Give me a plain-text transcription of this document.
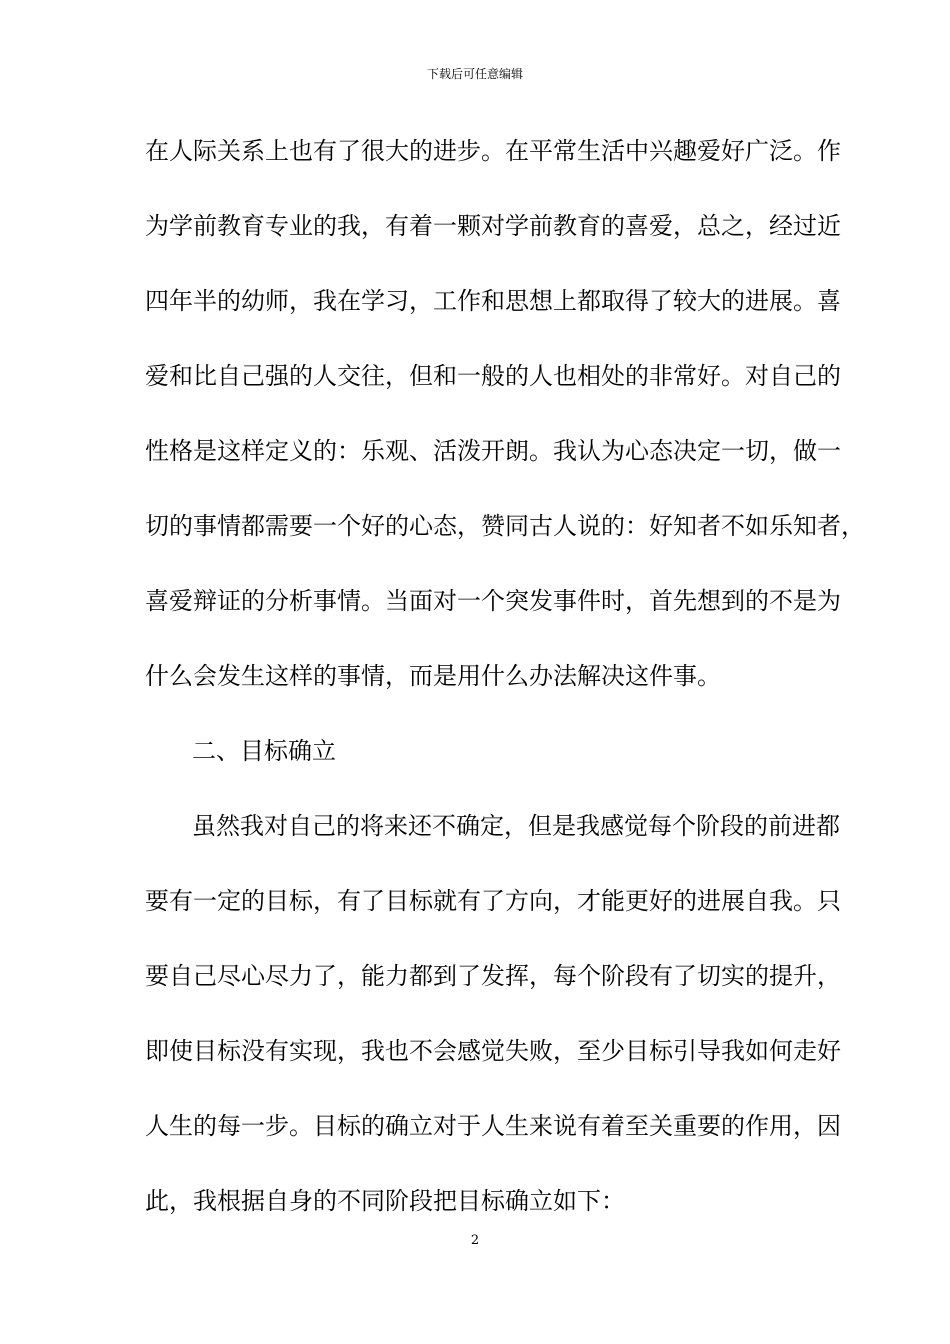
下载后可任意编辑
在人际关系上也有了很大的进步。在平常生活中兴趣爱好广泛。作
为学前教育专业的我，有着一颗对学前教育的喜爱，总之，经过近
四年半的幼师，我在学习，工作和思想上都取得了较大的进展。喜
爱和比自己强的人交往，但和一般的人也相处的非常好。对自己的
性格是这样定义的：乐观、活泼开朗。我认为心态决定一切，做一
切的事情都需要一个好的心态，赞同古人说的：好知者不如乐知者，
喜爱辩证的分析事情。当面对一个突发事件时，首先想到的不是为
什么会发生这样的事情，而是用什么办法解决这件事。
二、目标确立
虽然我对自己的将来还不确定，但是我感觉每个阶段的前进都
要有一定的目标，有了目标就有了方向，才能更好的进展自我。只
要自己尽心尽力了，能力都到了发挥，每个阶段有了切实的提升，
即使目标没有实现，我也不会感觉失败，至少目标引导我如何走好
人生的每一步。目标的确立对于人生来说有着至关重要的作用，因
此，我根据自身的不同阶段把目标确立如下：
2
